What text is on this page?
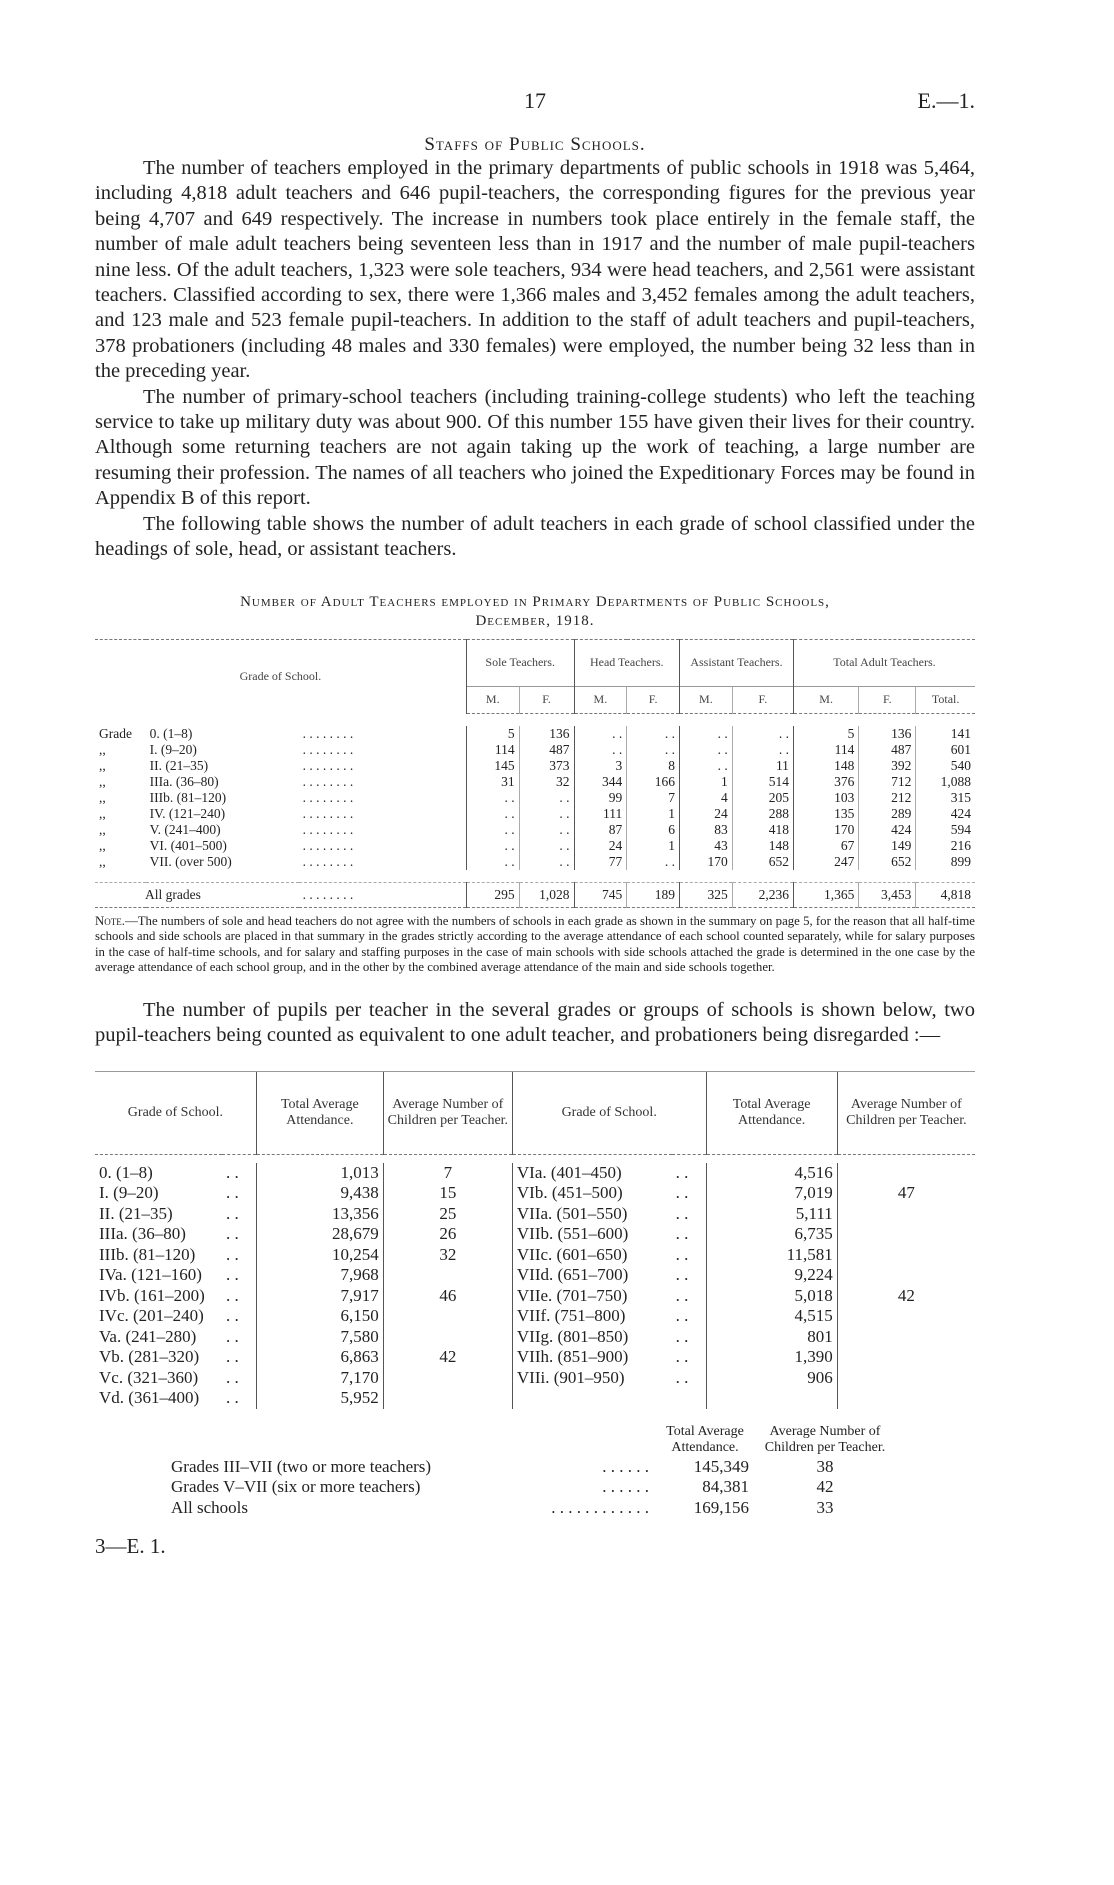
17	E.—1.
Staffs of Public Schools.

The number of teachers employed in the primary departments of public schools in 1918 was 5,464, including 4,818 adult teachers and 646 pupil-teachers, the corresponding figures for the previous year being 4,707 and 649 respectively. The increase in numbers took place entirely in the female staff, the number of male adult teachers being seventeen less than in 1917 and the number of male pupil-teachers nine less. Of the adult teachers, 1,323 were sole teachers, 934 were head teachers, and 2,561 were assistant teachers. Classified according to sex, there were 1,366 males and 3,452 females among the adult teachers, and 123 male and 523 female pupil-teachers. In addition to the staff of adult teachers and pupil-teachers, 378 probationers (including 48 males and 330 females) were employed, the number being 32 less than in the preceding year.

The number of primary-school teachers (including training-college students) who left the teaching service to take up military duty was about 900. Of this number 155 have given their lives for their country. Although some returning teachers are not again taking up the work of teaching, a large number are resuming their profession. The names of all teachers who joined the Expeditionary Forces may be found in Appendix B of this report.

The following table shows the number of adult teachers in each grade of school classified under the headings of sole, head, or assistant teachers.

Number of Adult Teachers employed in Primary Departments of Public Schools,
December, 1918.
Grade of School.			Sole Teachers.		Head Teachers.		Assistant Teachers.		Total Adult Teachers.		
			M.	F.	M.	F.	M.	F.	M.	F.	Total.

Grade	0. (1–8)	. . . . . . . .	5	136	. .	. .	. .	. .	5	136	141
,,	I. (9–20)	. . . . . . . .	114	487	. .	. .	. .	. .	114	487	601
,,	II. (21–35)	. . . . . . . .	145	373	3	8	. .	11	148	392	540
,,	IIIa. (36–80)	. . . . . . . .	31	32	344	166	1	514	376	712	1,088
,,	IIIb. (81–120)	. . . . . . . .	. .	. .	99	7	4	205	103	212	315
,,	IV. (121–240)	. . . . . . . .	. .	. .	111	1	24	288	135	289	424
,,	V. (241–400)	. . . . . . . .	. .	. .	87	6	83	418	170	424	594
,,	VI. (401–500)	. . . . . . . .	. .	. .	24	1	43	148	67	149	216
,,	VII. (over 500)	. . . . . . . .	. .	. .	77	. .	170	652	247	652	899

All grades		. . . . . . . .	295	1,028	745	189	325	2,236	1,365	3,453	4,818
Note.—The numbers of sole and head teachers do not agree with the numbers of schools in each grade as shown in the summary on page 5, for the reason that all half-time schools and side schools are placed in that summary in the grades strictly according to the average attendance of each school counted separately, while for salary purposes in the case of half-time schools, and for salary and staffing purposes in the case of main schools with side schools attached the grade is determined in the one case by the average attendance of each school group, and in the other by the combined average attendance of the main and side schools together.

The number of pupils per teacher in the several grades or groups of schools is shown below, two pupil-teachers being counted as equivalent to one adult teacher, and probationers being disregarded :—

Grade of School.		Total Average Attendance.	Average Number of Children per Teacher.	Grade of School.		Total Average Attendance.	Average Number of Children per Teacher.

0. (1–8)	. .	1,013	7	VIa. (401–450)	. .	4,516	
I. (9–20)	. .	9,438	15	VIb. (451–500)	. .	7,019	47
II. (21–35)	. .	13,356	25	VIIa. (501–550)	. .	5,111	
IIIa. (36–80)	. .	28,679	26	VIIb. (551–600)	. .	6,735	
IIIb. (81–120)	. .	10,254	32	VIIc. (601–650)	. .	11,581	
IVa. (121–160)	. .	7,968		VIId. (651–700)	. .	9,224	
IVb. (161–200)	. .	7,917	46	VIIe. (701–750)	. .	5,018	42
IVc. (201–240)	. .	6,150		VIIf. (751–800)	. .	4,515	
Va. (241–280)	. .	7,580		VIIg. (801–850)	. .	801	
Vb. (281–320)	. .	6,863	42	VIIh. (851–900)	. .	1,390	
Vc. (321–360)	. .	7,170		VIIi. (901–950)	. .	906	
Vd. (361–400)	. .	5,952					
		Total Average Attendance.	Average Number of Children per Teacher.
Grades III–VII (two or more teachers)	. . . . . .	145,349	38
Grades V–VII (six or more teachers)	. . . . . .	84,381	42
All schools	. . . . . . . . . . . .	169,156	33
3—E. 1.
